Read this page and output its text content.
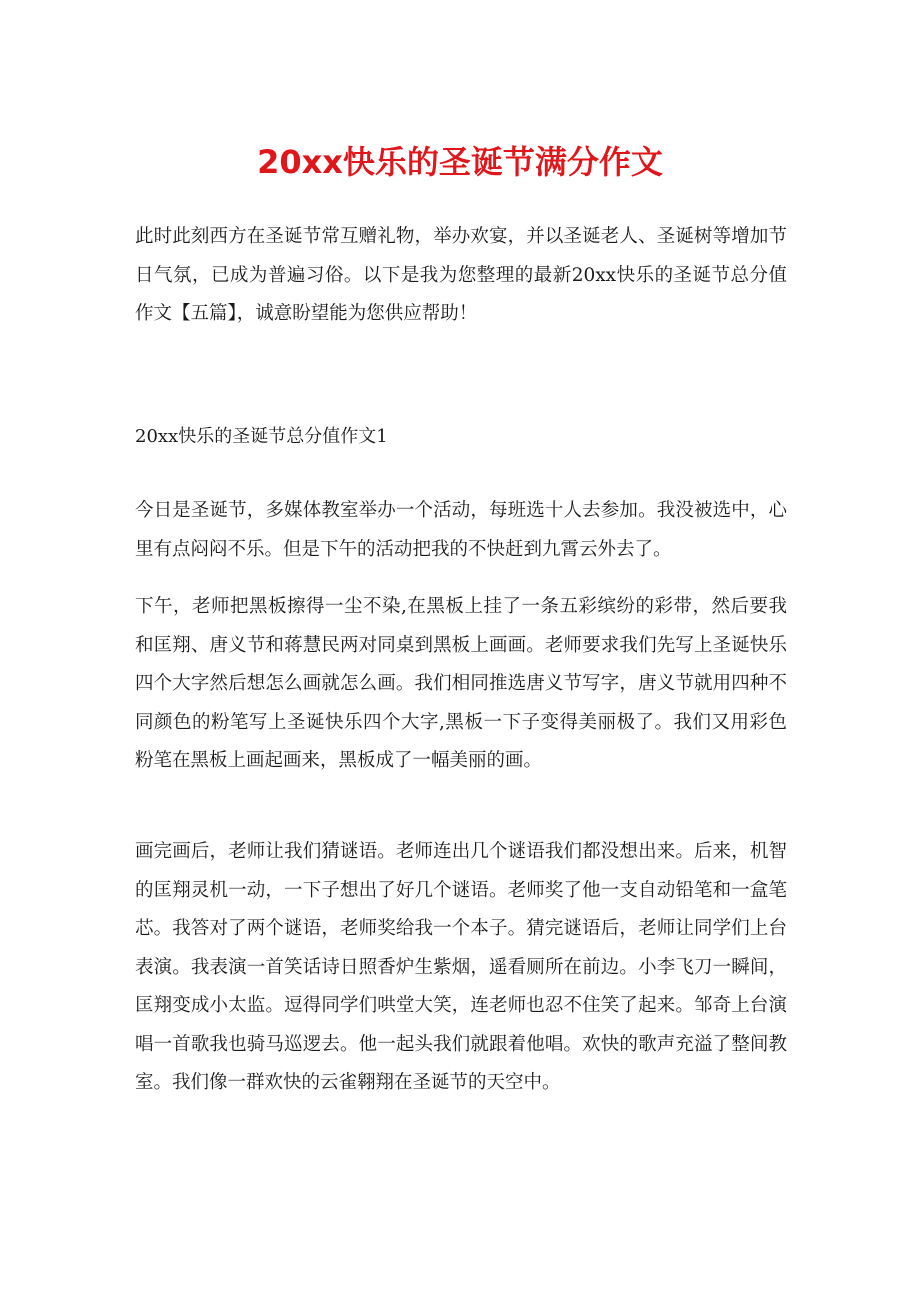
20xx快乐的圣诞节满分作文

此时此刻西方在圣诞节常互赠礼物，举办欢宴，并以圣诞老人、圣诞树等增加节日气氛，已成为普遍习俗。以下是我为您整理的最新20xx快乐的圣诞节总分值作文【五篇】，诚意盼望能为您供应帮助！

20xx快乐的圣诞节总分值作文1

今日是圣诞节，多媒体教室举办一个活动，每班选十人去参加。我没被选中，心里有点闷闷不乐。但是下午的活动把我的不快赶到九霄云外去了。

下午，老师把黑板擦得一尘不染,在黑板上挂了一条五彩缤纷的彩带，然后要我和匡翔、唐义节和蒋慧民两对同桌到黑板上画画。老师要求我们先写上圣诞快乐四个大字然后想怎么画就怎么画。我们相同推选唐义节写字，唐义节就用四种不同颜色的粉笔写上圣诞快乐四个大字,黑板一下子变得美丽极了。我们又用彩色粉笔在黑板上画起画来，黑板成了一幅美丽的画。

画完画后，老师让我们猜谜语。老师连出几个谜语我们都没想出来。后来，机智的匡翔灵机一动，一下子想出了好几个谜语。老师奖了他一支自动铅笔和一盒笔芯。我答对了两个谜语，老师奖给我一个本子。猜完谜语后，老师让同学们上台表演。我表演一首笑话诗日照香炉生紫烟，遥看厕所在前边。小李飞刀一瞬间，匡翔变成小太监。逗得同学们哄堂大笑，连老师也忍不住笑了起来。邹奇上台演唱一首歌我也骑马巡逻去。他一起头我们就跟着他唱。欢快的歌声充溢了整间教室。我们像一群欢快的云雀翱翔在圣诞节的天空中。
